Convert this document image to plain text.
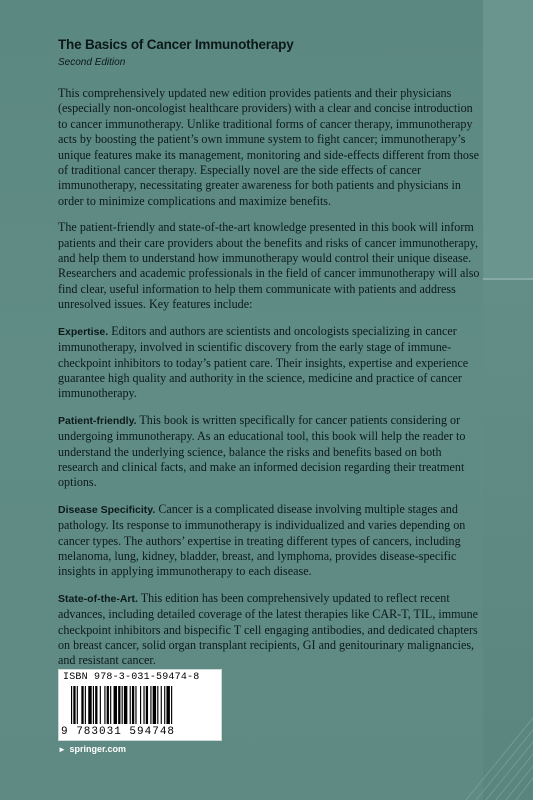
The Basics of Cancer Immunotherapy
Second Edition

This comprehensively updated new edition provides patients and their physicians (especially non-oncologist healthcare providers) with a clear and concise introduction to cancer immunotherapy. Unlike traditional forms of cancer therapy, immunotherapy acts by boosting the patient’s own immune system to fight cancer; immunotherapy’s unique features make its management, monitoring and side-effects different from those of traditional cancer therapy. Especially novel are the side effects of cancer immunotherapy, necessitating greater awareness for both patients and physicians in order to minimize complications and maximize benefits.

The patient-friendly and state-of-the-art knowledge presented in this book will inform patients and their care providers about the benefits and risks of cancer immunotherapy, and help them to understand how immunotherapy would control their unique disease. Researchers and academic professionals in the field of cancer immunotherapy will also find clear, useful information to help them communicate with patients and address unresolved issues. Key features include:

Expertise. Editors and authors are scientists and oncologists specializing in cancer immunotherapy, involved in scientific discovery from the early stage of immune-checkpoint inhibitors to today’s patient care. Their insights, expertise and experience guarantee high quality and authority in the science, medicine and practice of cancer immunotherapy.
Patient-friendly. This book is written specifically for cancer patients considering or undergoing immunotherapy. As an educational tool, this book will help the reader to understand the underlying science, balance the risks and benefits based on both research and clinical facts, and make an informed decision regarding their treatment options.
Disease Specificity. Cancer is a complicated disease involving multiple stages and pathology. Its response to immunotherapy is individualized and varies depending on cancer types. The authors’ expertise in treating different types of cancers, including melanoma, lung, kidney, bladder, breast, and lymphoma, provides disease-specific insights in applying immunotherapy to each disease.
State-of-the-Art. This edition has been comprehensively updated to reflect recent advances, including detailed coverage of the latest therapies like CAR-T, TIL, immune checkpoint inhibitors and bispecific T cell engaging antibodies, and dedicated chapters on breast cancer, solid organ transplant recipients, GI and genitourinary malignancies, and resistant cancer.
ISBN 978-3-031-59474-8
9 783031 594748
► springer.com
